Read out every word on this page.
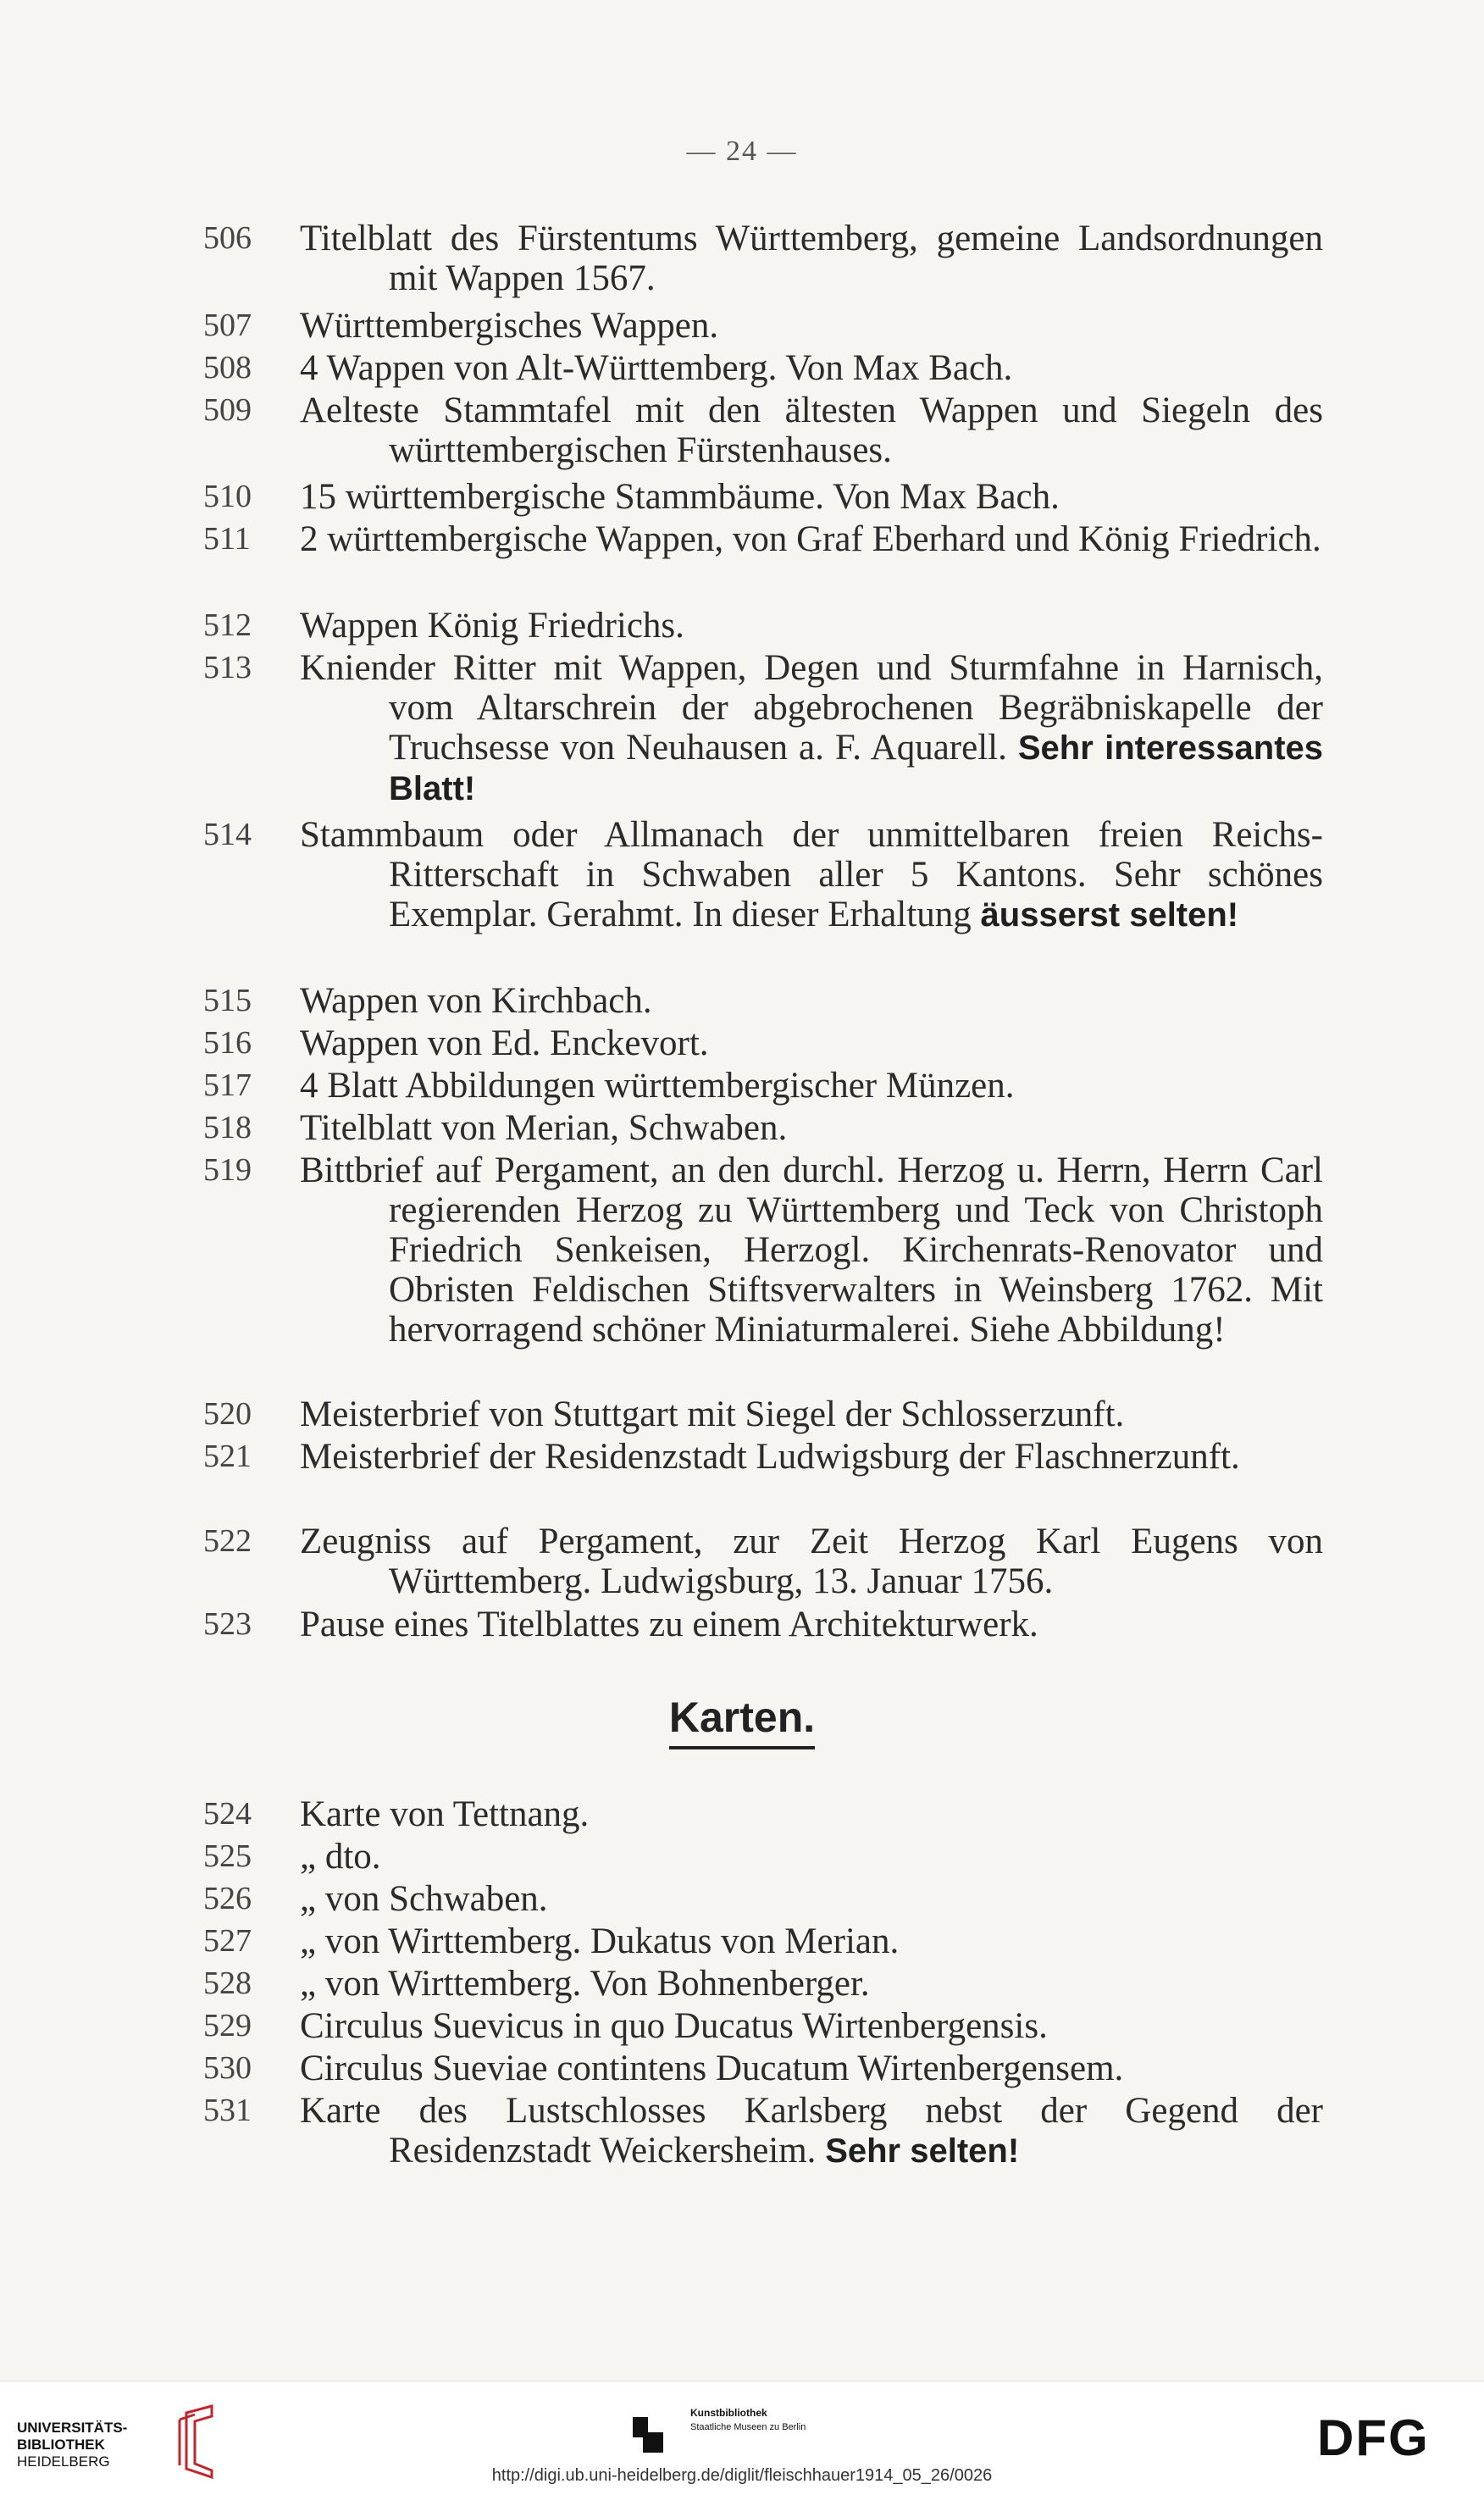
— 24 —
506	Titelblatt des Fürstentums Württemberg, gemeine Landsordnungen mit Wappen 1567.
507	Württembergisches Wappen.
508	4 Wappen von Alt-Württemberg. Von Max Bach.
509	Aelteste Stammtafel mit den ältesten Wappen und Siegeln des württembergischen Fürstenhauses.
510	15 württembergische Stammbäume. Von Max Bach.
511	2 württembergische Wappen, von Graf Eberhard und König Friedrich.
512	Wappen König Friedrichs.
513	Kniender Ritter mit Wappen, Degen und Sturmfahne in Harnisch, vom Altarschrein der abgebrochenen Begräbniskapelle der Truchsesse von Neuhausen a. F. Aquarell. Sehr interessantes Blatt!
514	Stammbaum oder Allmanach der unmittelbaren freien Reichs-Ritterschaft in Schwaben aller 5 Kantons. Sehr schönes Exemplar. Gerahmt. In dieser Erhaltung äusserst selten!
515	Wappen von Kirchbach.
516	Wappen von Ed. Enckevort.
517	4 Blatt Abbildungen württembergischer Münzen.
518	Titelblatt von Merian, Schwaben.
519	Bittbrief auf Pergament, an den durchl. Herzog u. Herrn, Herrn Carl regierenden Herzog zu Württemberg und Teck von Christoph Friedrich Senkeisen, Herzogl. Kirchenrats-Renovator und Obristen Feldischen Stiftsverwalters in Weinsberg 1762. Mit hervorragend schöner Miniaturmalerei. Siehe Abbildung!
520	Meisterbrief von Stuttgart mit Siegel der Schlosserzunft.
521	Meisterbrief der Residenzstadt Ludwigsburg der Flaschnerzunft.
522	Zeugniss auf Pergament, zur Zeit Herzog Karl Eugens von Württemberg. Ludwigsburg, 13. Januar 1756.
523	Pause eines Titelblattes zu einem Architekturwerk.
Karten.
524	Karte von Tettnang.
525	„ dto.
526	„ von Schwaben.
527	„ von Wirttemberg. Dukatus von Merian.
528	„ von Wirttemberg. Von Bohnenberger.
529	Circulus Suevicus in quo Ducatus Wirtenbergensis.
530	Circulus Sueviae contintens Ducatum Wirtenbergensem.
531	Karte des Lustschlosses Karlsberg nebst der Gegend der Residenzstadt Weickersheim. Sehr selten!
UNIVERSITÄTS-
BIBLIOTHEK
HEIDELBERG
Kunstbibliothek
Staatliche Museen zu Berlin	DFG
http://digi.ub.uni-heidelberg.de/diglit/fleischhauer1914_05_26/0026
